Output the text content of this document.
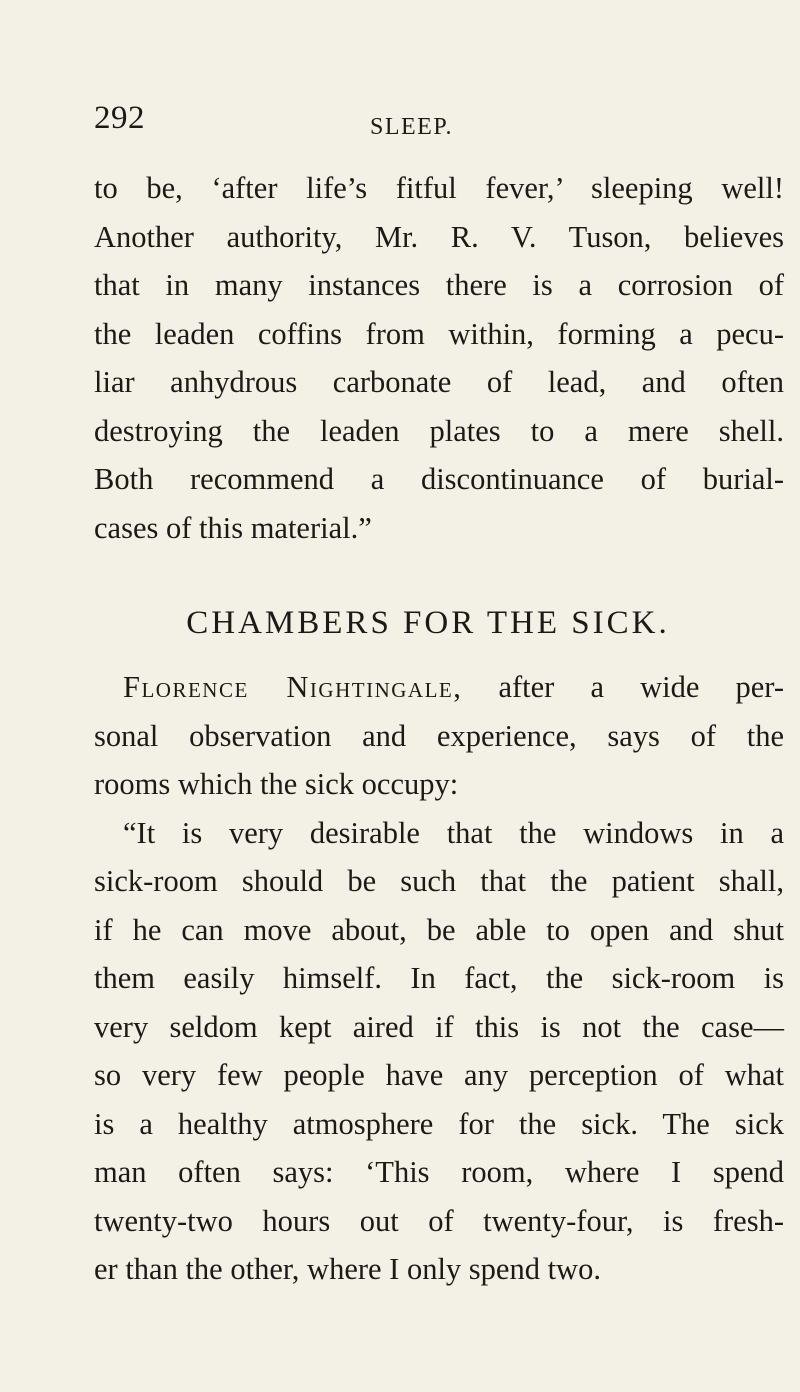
292	SLEEP.
to be, ‘after life’s fitful fever,’ sleeping well!
Another authority, Mr. R. V. Tuson, believes
that in many instances there is a corrosion of
the leaden coffins from within, forming a pecu-
liar anhydrous carbonate of lead, and often
destroying the leaden plates to a mere shell.
Both recommend a discontinuance of burial-
cases of this material.”
CHAMBERS FOR THE SICK.
Florence Nightingale, after a wide per-
sonal observation and experience, says of the
rooms which the sick occupy:
“It is very desirable that the windows in a
sick-room should be such that the patient shall,
if he can move about, be able to open and shut
them easily himself. In fact, the sick-room is
very seldom kept aired if this is not the case—
so very few people have any perception of what
is a healthy atmosphere for the sick. The sick
man often says: ‘This room, where I spend
twenty-two hours out of twenty-four, is fresh-
er than the other, where I only spend two.
